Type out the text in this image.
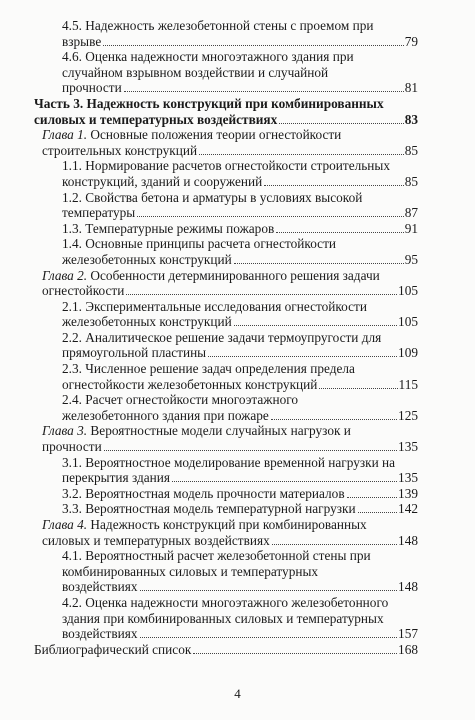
4.5. Надежность железобетонной стены с проемом при
взрыве	79
4.6. Оценка надежности многоэтажного здания при
случайном взрывном воздействии и случайной
прочности	81
Часть 3. Надежность конструкций при комбинированных
силовых и температурных воздействиях	83
Глава 1. Основные положения теории огнестойкости
строительных конструкций	85
1.1. Нормирование расчетов огнестойкости строительных
конструкций, зданий и сооружений	85
1.2. Свойства бетона и арматуры в условиях высокой
температуры	87
1.3. Температурные режимы пожаров	91
1.4. Основные принципы расчета огнестойкости
железобетонных конструкций	95
Глава 2. Особенности детерминированного решения задачи
огнестойкости	105
2.1. Экспериментальные исследования огнестойкости
железобетонных конструкций	105
2.2. Аналитическое решение задачи термоупругости для
прямоугольной пластины	109
2.3. Численное решение задач определения предела
огнестойкости железобетонных конструкций	115
2.4. Расчет огнестойкости многоэтажного
железобетонного здания при пожаре	125
Глава 3. Вероятностные модели случайных нагрузок и
прочности	135
3.1. Вероятностное моделирование временной нагрузки на
перекрытия здания	135
3.2. Вероятностная модель прочности материалов	139
3.3. Вероятностная модель температурной нагрузки	142
Глава 4. Надежность конструкций при комбинированных
силовых и температурных воздействиях	148
4.1. Вероятностный расчет железобетонной стены при
комбинированных силовых и температурных
воздействиях	148
4.2. Оценка надежности многоэтажного железобетонного
здания при комбинированных силовых и температурных
воздействиях	157
Библиографический список	168
4
